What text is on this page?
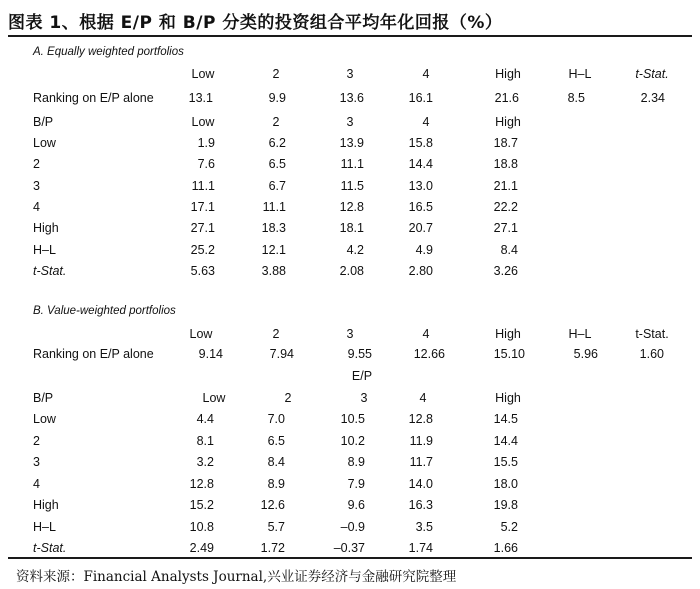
图表 1、根据 E/P 和 B/P 分类的投资组合平均年化回报（%）
A. Equally weighted portfolios
B. Value-weighted portfolios
Low	2	3	4	High	H–L	t-Stat.
Ranking on E/P alone	13.1	9.9	13.6	16.1	21.6	8.5	2.34
B/P	Low	2	3	4	High
Low	1.9	6.2	13.9	15.8	18.7
2	7.6	6.5	11.1	14.4	18.8
3	11.1	6.7	11.5	13.0	21.1
4	17.1	11.1	12.8	16.5	22.2
High	27.1	18.3	18.1	20.7	27.1
H–L	25.2	12.1	4.2	4.9	8.4
t-Stat.	5.63	3.88	2.08	2.80	3.26
Low	2	3	4	High	H–L	t-Stat.
Ranking on E/P alone	9.14	7.94	9.55	12.66	15.10	5.96	1.60
E/P
B/P	Low	2	3	4	High
Low	4.4	7.0	10.5	12.8	14.5
2	8.1	6.5	10.2	11.9	14.4
3	3.2	8.4	8.9	11.7	15.5
4	12.8	8.9	7.9	14.0	18.0
High	15.2	12.6	9.6	16.3	19.8
H–L	10.8	5.7	–0.9	3.5	5.2
t-Stat.	2.49	1.72	–0.37	1.74	1.66
资料来源：Financial Analysts Journal,兴业证券经济与金融研究院整理
